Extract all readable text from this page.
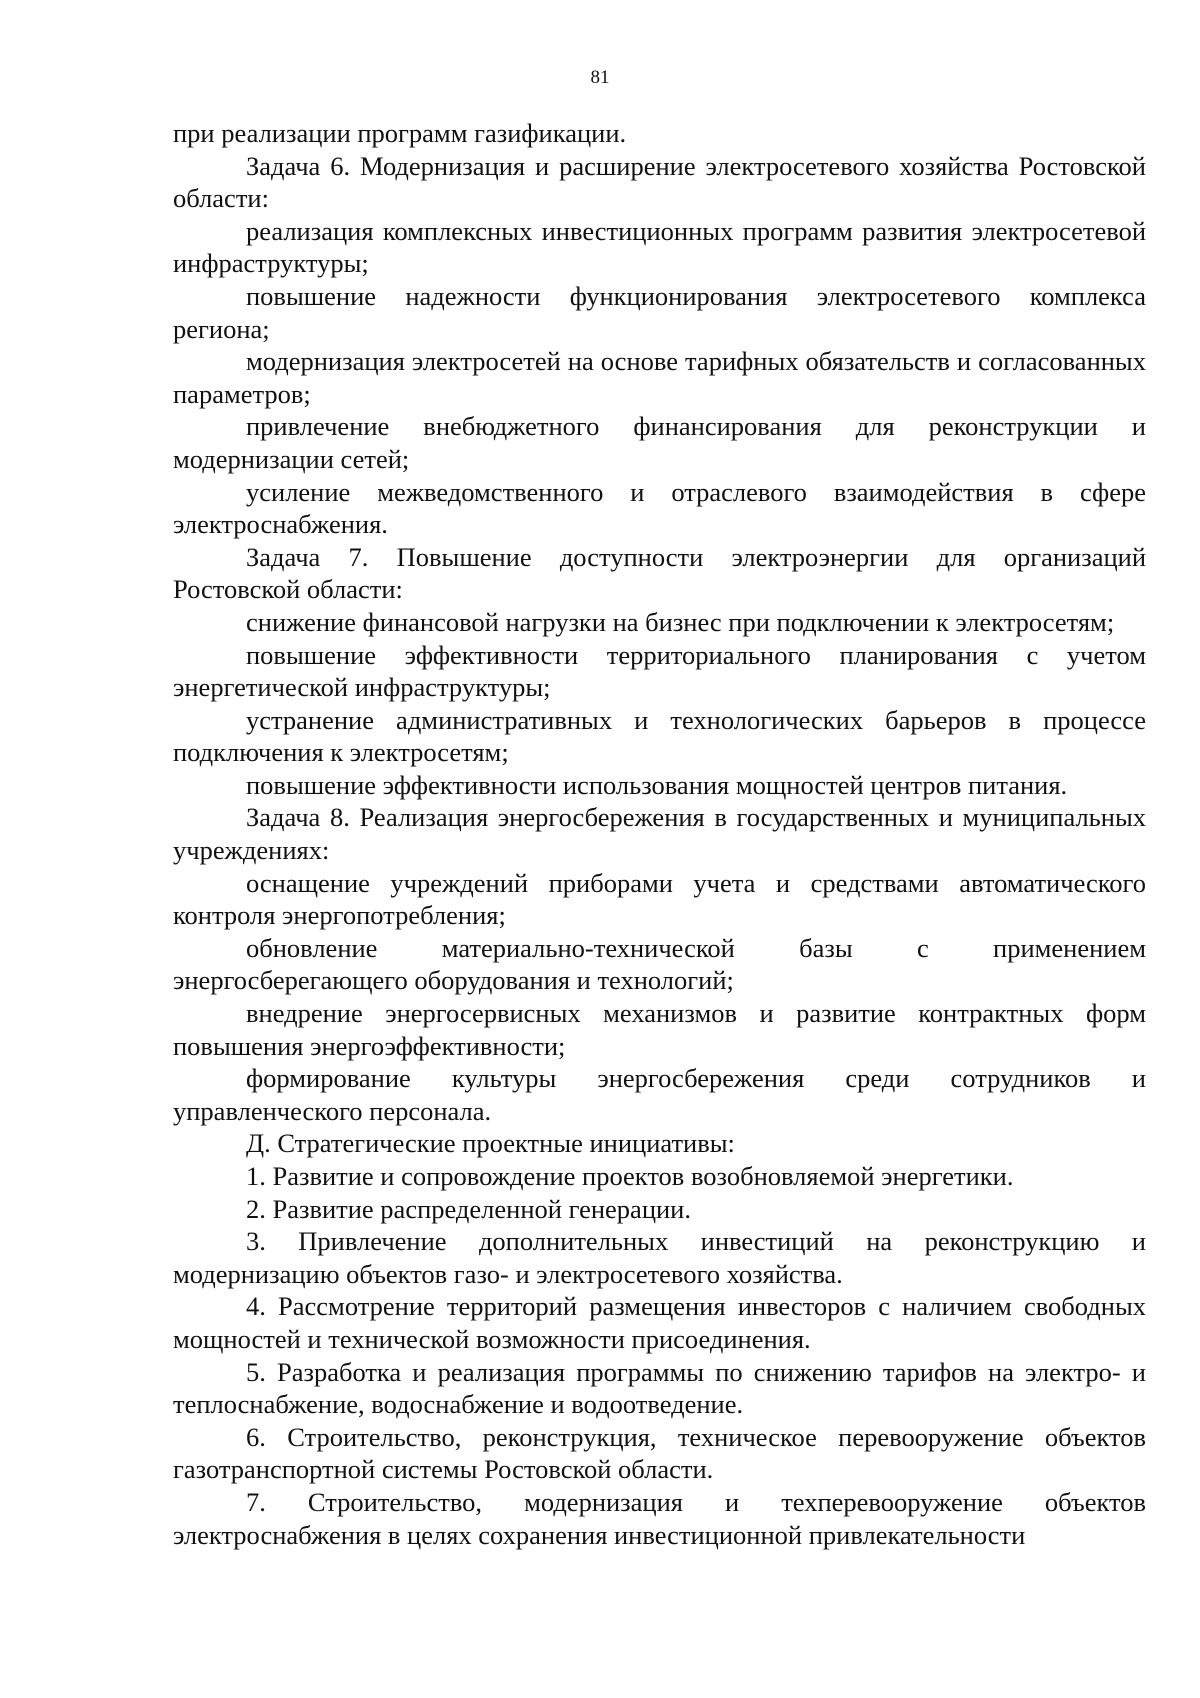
81

при реализации программ газификации.

Задача 6. Модернизация и расширение электросетевого хозяйства Ростовской области:

реализация комплексных инвестиционных программ развития электросетевой инфраструктуры;

повышение надежности функционирования электросетевого комплекса региона;

модернизация электросетей на основе тарифных обязательств и согласованных параметров;

привлечение внебюджетного финансирования для реконструкции и модернизации сетей;

усиление межведомственного и отраслевого взаимодействия в сфере электроснабжения.

Задача 7. Повышение доступности электроэнергии для организаций Ростовской области:

снижение финансовой нагрузки на бизнес при подключении к электросетям;

повышение эффективности территориального планирования с учетом энергетической инфраструктуры;

устранение административных и технологических барьеров в процессе подключения к электросетям;

повышение эффективности использования мощностей центров питания.

Задача 8. Реализация энергосбережения в государственных и муниципальных учреждениях:

оснащение учреждений приборами учета и средствами автоматического контроля энергопотребления;

обновление материально-технической базы с применением энергосберегающего оборудования и технологий;

внедрение энергосервисных механизмов и развитие контрактных форм повышения энергоэффективности;

формирование культуры энергосбережения среди сотрудников и управленческого персонала.

Д. Стратегические проектные инициативы:

1. Развитие и сопровождение проектов возобновляемой энергетики.

2. Развитие распределенной генерации.

3. Привлечение дополнительных инвестиций на реконструкцию и модернизацию объектов газо- и электросетевого хозяйства.

4. Рассмотрение территорий размещения инвесторов с наличием свободных мощностей и технической возможности присоединения.

5. Разработка и реализация программы по снижению тарифов на электро- и теплоснабжение, водоснабжение и водоотведение.

6. Строительство, реконструкция, техническое перевооружение объектов газотранспортной системы Ростовской области.

7. Строительство, модернизация и техперевооружение объектов электроснабжения в целях сохранения инвестиционной привлекательности
